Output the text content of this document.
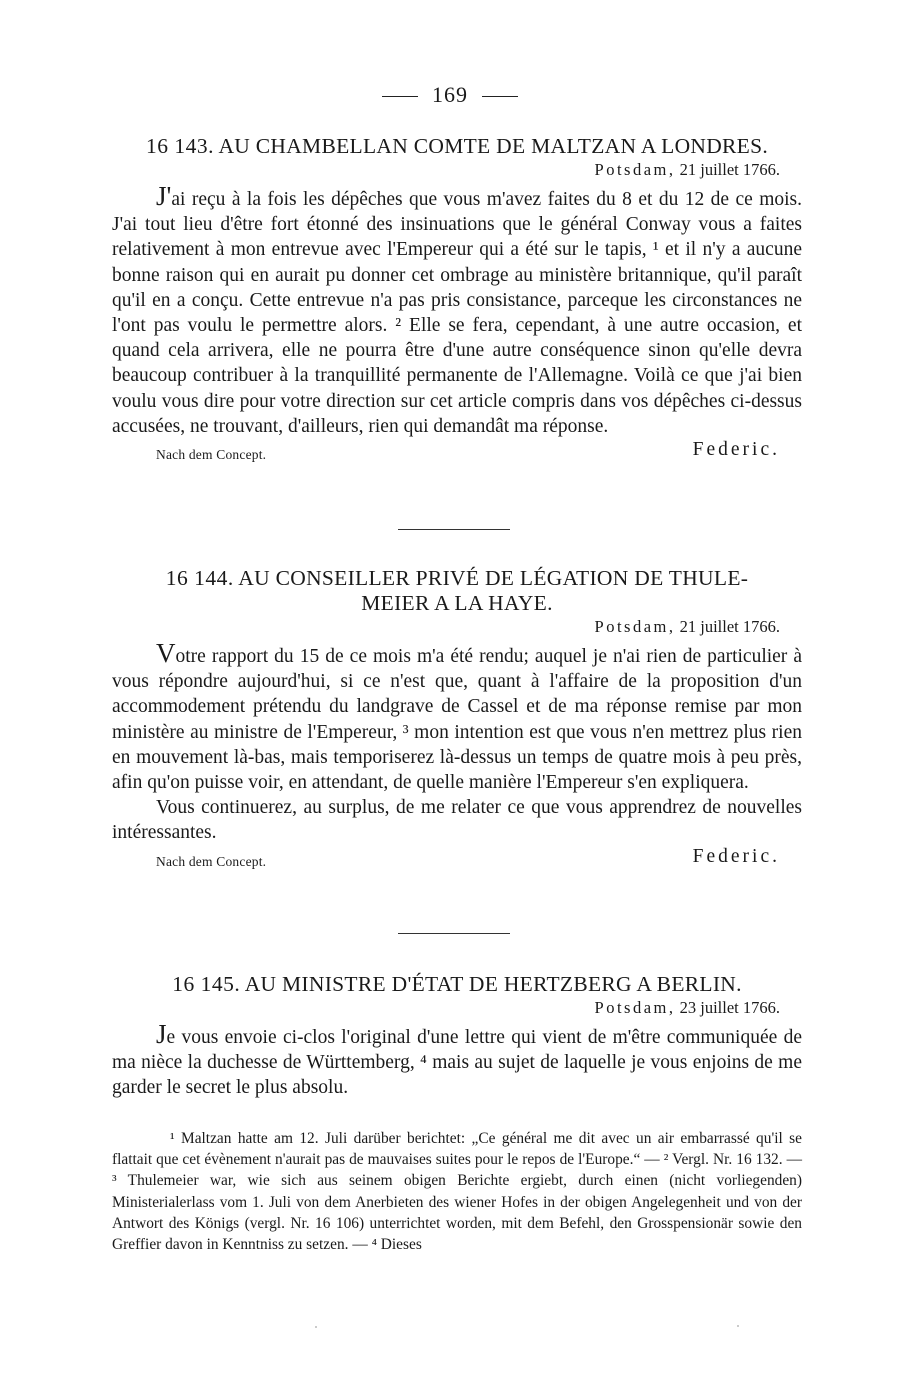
169
16 143. AU CHAMBELLAN COMTE DE MALTZAN A LONDRES.
Potsdam, 21 juillet 1766.

J'ai reçu à la fois les dépêches que vous m'avez faites du 8 et du 12 de ce mois. J'ai tout lieu d'être fort étonné des insinuations que le général Conway vous a faites relativement à mon entrevue avec l'Empereur qui a été sur le tapis, ¹ et il n'y a aucune bonne raison qui en aurait pu donner cet ombrage au ministère britannique, qu'il paraît qu'il en a conçu. Cette entrevue n'a pas pris consistance, parceque les circonstances ne l'ont pas voulu le permettre alors. ² Elle se fera, cependant, à une autre occasion, et quand cela arrivera, elle ne pourra être d'une autre conséquence sinon qu'elle devra beaucoup contribuer à la tranquillité permanente de l'Allemagne. Voilà ce que j'ai bien voulu vous dire pour votre direction sur cet article compris dans vos dépêches ci-dessus accusées, ne trouvant, d'ailleurs, rien qui demandât ma réponse.

Nach dem Concept.	Federic.
16 144. AU CONSEILLER PRIVÉ DE LÉGATION DE THULE-
MEIER A LA HAYE.
Potsdam, 21 juillet 1766.

Votre rapport du 15 de ce mois m'a été rendu; auquel je n'ai rien de particulier à vous répondre aujourd'hui, si ce n'est que, quant à l'affaire de la proposition d'un accommodement prétendu du landgrave de Cassel et de ma réponse remise par mon ministère au ministre de l'Empereur, ³ mon intention est que vous n'en mettrez plus rien en mouvement là-bas, mais temporiserez là-dessus un temps de quatre mois à peu près, afin qu'on puisse voir, en attendant, de quelle manière l'Empereur s'en expliquera.

Vous continuerez, au surplus, de me relater ce que vous apprendrez de nouvelles intéressantes.

Nach dem Concept.	Federic.
16 145. AU MINISTRE D'ÉTAT DE HERTZBERG A BERLIN.
Potsdam, 23 juillet 1766.

Je vous envoie ci-clos l'original d'une lettre qui vient de m'être communiquée de ma nièce la duchesse de Württemberg, ⁴ mais au sujet de laquelle je vous enjoins de me garder le secret le plus absolu.

¹ Maltzan hatte am 12. Juli darüber berichtet: „Ce général me dit avec un air embarrassé qu'il se flattait que cet évènement n'aurait pas de mauvaises suites pour le repos de l'Europe.“ — ² Vergl. Nr. 16 132. — ³ Thulemeier war, wie sich aus seinem obigen Berichte ergiebt, durch einen (nicht vorliegenden) Ministerialerlass vom 1. Juli von dem Anerbieten des wiener Hofes in der obigen Angelegenheit und von der Antwort des Königs (vergl. Nr. 16 106) unterrichtet worden, mit dem Befehl, den Grosspensionär sowie den Greffier davon in Kenntniss zu setzen. — ⁴ Dieses
